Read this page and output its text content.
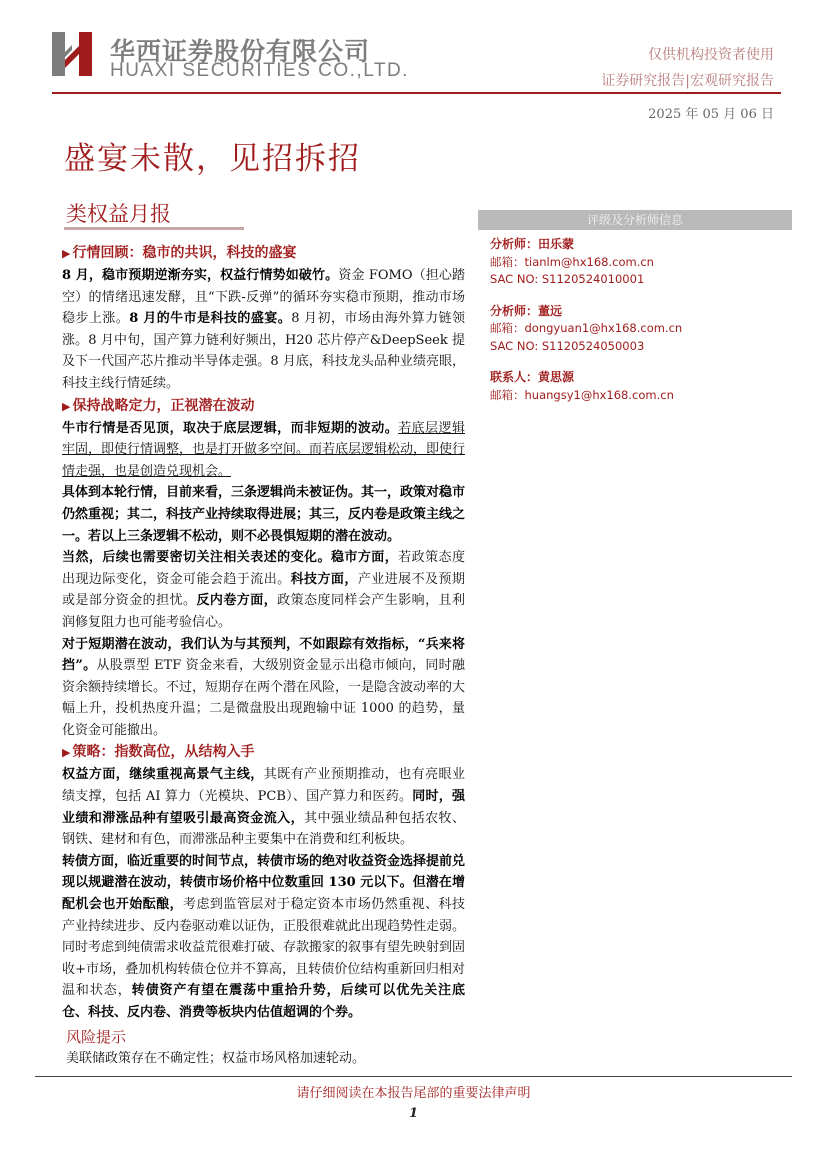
华西证券股份有限公司
HUAXI SECURITIES CO.,LTD.
仅供机构投资者使用
证券研究报告|宏观研究报告
2025 年 05 月 06 日
盛宴未散，见招拆招
类权益月报
▶ 行情回顾：稳市的共识，科技的盛宴

8 月，稳市预期逆渐夯实，权益行情势如破竹。资金 FOMO（担心踏空）的情绪迅速发酵，且“下跌-反弹”的循环夯实稳市预期，推动市场稳步上涨。8 月的牛市是科技的盛宴。8 月初，市场由海外算力链领涨。8 月中旬，国产算力链利好频出，H20 芯片停产&DeepSeek 提及下一代国产芯片推动半导体走强。8 月底，科技龙头品种业绩亮眼，科技主线行情延续。

▶ 保持战略定力，正视潜在波动

牛市行情是否见顶，取决于底层逻辑，而非短期的波动。若底层逻辑牢固，即使行情调整，也是打开做多空间。而若底层逻辑松动，即使行情走强，也是创造兑现机会。

具体到本轮行情，目前来看，三条逻辑尚未被证伪。其一，政策对稳市仍然重视；其二，科技产业持续取得进展；其三，反内卷是政策主线之一。若以上三条逻辑不松动，则不必畏惧短期的潜在波动。

当然，后续也需要密切关注相关表述的变化。稳市方面，若政策态度出现边际变化，资金可能会趋于流出。科技方面，产业进展不及预期或是部分资金的担忧。反内卷方面，政策态度同样会产生影响，且利润修复阻力也可能考验信心。

对于短期潜在波动，我们认为与其预判，不如跟踪有效指标，“兵来将挡”。从股票型 ETF 资金来看，大级别资金显示出稳市倾向，同时融资余额持续增长。不过，短期存在两个潜在风险，一是隐含波动率的大幅上升，投机热度升温；二是微盘股出现跑输中证 1000 的趋势，量化资金可能撤出。

▶ 策略：指数高位，从结构入手

权益方面，继续重视高景气主线，其既有产业预期推动，也有亮眼业绩支撑，包括 AI 算力（光模块、PCB）、国产算力和医药。同时，强业绩和滞涨品种有望吸引最高资金流入，其中强业绩品种包括农牧、钢铁、建材和有色，而滞涨品种主要集中在消费和红利板块。

转债方面，临近重要的时间节点，转债市场的绝对收益资金选择提前兑现以规避潜在波动，转债市场价格中位数重回 130 元以下。但潜在增配机会也开始酝酿，考虑到监管层对于稳定资本市场仍然重视、科技产业持续进步、反内卷驱动难以证伪，正股很难就此出现趋势性走弱。同时考虑到纯债需求收益荒很难打破、存款搬家的叙事有望先映射到固收+市场，叠加机构转债仓位并不算高，且转债价位结构重新回归相对温和状态，转债资产有望在震荡中重拾升势，后续可以优先关注底仓、科技、反内卷、消费等板块内估值超调的个券。

风险提示
美联储政策存在不确定性；权益市场风格加速轮动。
评级及分析师信息
分析师：田乐蒙
邮箱：tianlm@hx168.com.cn
SAC NO: S1120524010001
分析师：董远
邮箱：dongyuan1@hx168.com.cn
SAC NO: S1120524050003
联系人：黄思源
邮箱：huangsy1@hx168.com.cn
请仔细阅读在本报告尾部的重要法律声明
1
